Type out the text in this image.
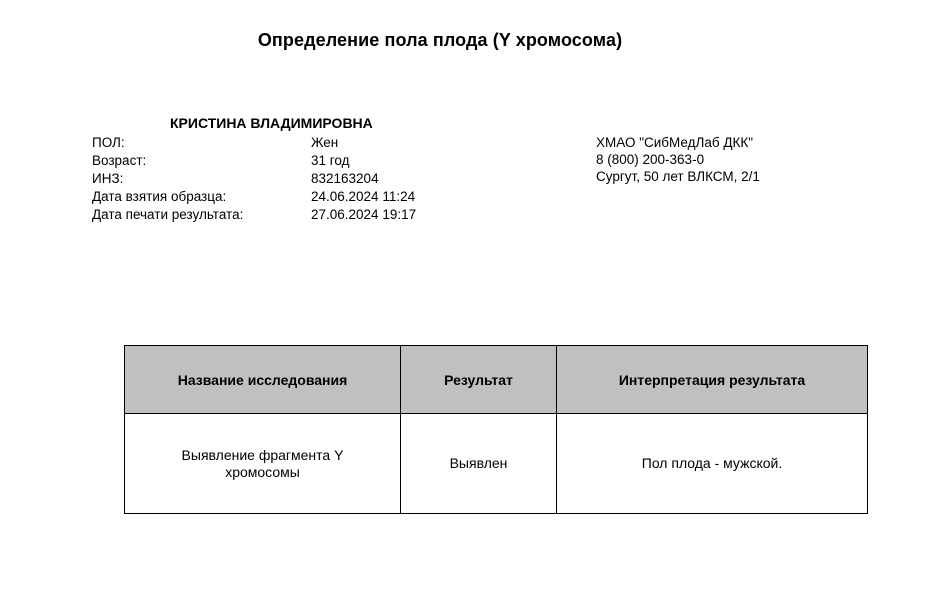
Определение пола плода (Y хромосома)
КРИСТИНА ВЛАДИМИРОВНА
ПОЛ:	Жен
Возраст:	31 год
ИНЗ:	832163204
Дата взятия образца:	24.06.2024 11:24
Дата печати результата:	27.06.2024 19:17
ХМАО "СибМедЛаб ДКК"
8 (800) 200-363-0
Сургут, 50 лет ВЛКСМ, 2/1
Название исследования	Результат	Интерпретация результата
Выявление фрагмента Y хромосомы	Выявлен	Пол плода - мужской.
